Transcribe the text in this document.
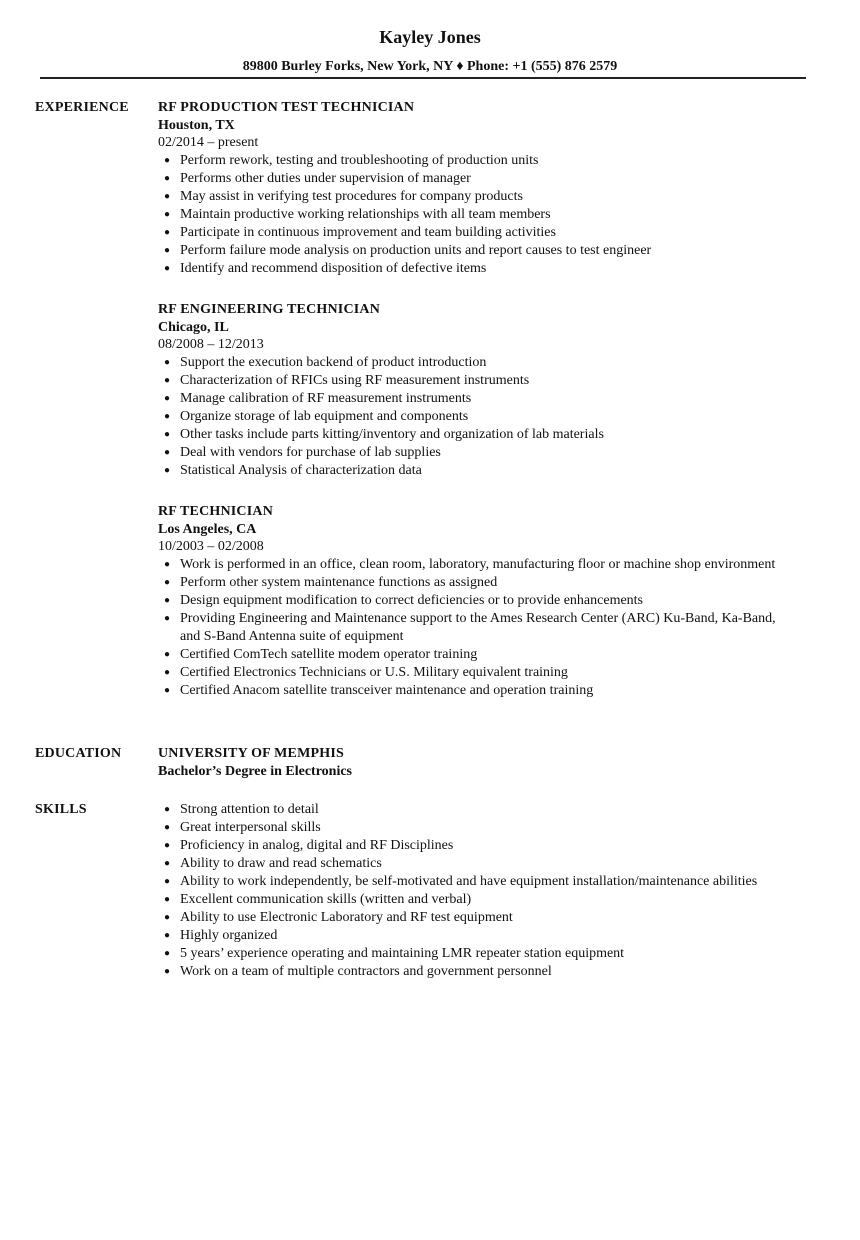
Kayley Jones
89800 Burley Forks, New York, NY ♦ Phone: +1 (555) 876 2579
EXPERIENCE RF PRODUCTION TEST TECHNICIAN
Houston, TX
02/2014 – present
● Perform rework, testing and troubleshooting of production units
● Performs other duties under supervision of manager
● May assist in verifying test procedures for company products
● Maintain productive working relationships with all team members
● Participate in continuous improvement and team building activities
● Perform failure mode analysis on production units and report causes to test engineer
● Identify and recommend disposition of defective items
RF ENGINEERING TECHNICIAN
Chicago, IL
08/2008 – 12/2013
● Support the execution backend of product introduction
● Characterization of RFICs using RF measurement instruments
● Manage calibration of RF measurement instruments
● Organize storage of lab equipment and components
● Other tasks include parts kitting/inventory and organization of lab materials
● Deal with vendors for purchase of lab supplies
● Statistical Analysis of characterization data
RF TECHNICIAN
Los Angeles, CA
10/2003 – 02/2008
● Work is performed in an office, clean room, laboratory, manufacturing floor or machine shop environment
● Perform other system maintenance functions as assigned
● Design equipment modification to correct deficiencies or to provide enhancements
● Providing Engineering and Maintenance support to the Ames Research Center (ARC) Ku-Band, Ka-Band, and S-Band Antenna suite of equipment
● Certified ComTech satellite modem operator training
● Certified Electronics Technicians or U.S. Military equivalent training
● Certified Anacom satellite transceiver maintenance and operation training
EDUCATION	UNIVERSITY OF MEMPHIS
Bachelor’s Degree in Electronics
SKILLS	● Strong attention to detail
● Great interpersonal skills
● Proficiency in analog, digital and RF Disciplines
● Ability to draw and read schematics
● Ability to work independently, be self-motivated and have equipment installation/maintenance abilities
● Excellent communication skills (written and verbal)
● Ability to use Electronic Laboratory and RF test equipment
● Highly organized
● 5 years’ experience operating and maintaining LMR repeater station equipment
● Work on a team of multiple contractors and government personnel
